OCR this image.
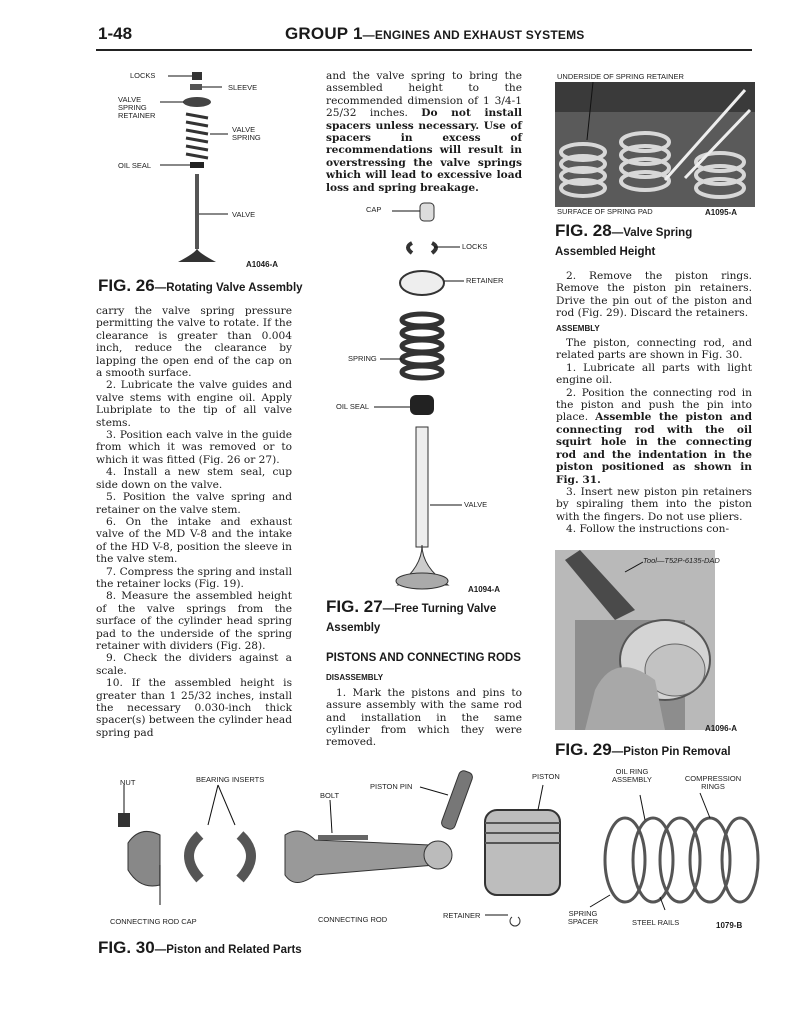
1-48	GROUP 1—ENGINES AND EXHAUST SYSTEMS
LOCKS
SLEEVE
VALVE SPRING RETAINER
VALVE SPRING
OIL SEAL
VALVE
A1046-A
FIG. 26—Rotating Valve Assembly

carry the valve spring pressure permitting the valve to rotate. If the clearance is greater than 0.004 inch, reduce the clearance by lapping the open end of the cap on a smooth surface.

2. Lubricate the valve guides and valve stems with engine oil. Apply Lubriplate to the tip of all valve stems.

3. Position each valve in the guide from which it was removed or to which it was fitted (Fig. 26 or 27).

4. Install a new stem seal, cup side down on the valve.

5. Position the valve spring and retainer on the valve stem.

6. On the intake and exhaust valve of the MD V-8 and the intake of the HD V-8, position the sleeve in the valve stem.

7. Compress the spring and install the retainer locks (Fig. 19).

8. Measure the assembled height of the valve springs from the surface of the cylinder head spring pad to the underside of the spring retainer with dividers (Fig. 28).

9. Check the dividers against a scale.

10. If the assembled height is greater than 1 25/32 inches, install the necessary 0.030-inch thick spacer(s) between the cylinder head spring pad

and the valve spring to bring the assembled height to the recommended dimension of 1 3/4-1 25/32 inches. Do not install spacers unless necessary. Use of spacers in excess of recommendations will result in overstressing the valve springs which will lead to excessive load loss and spring breakage.

CAP
LOCKS
RETAINER
SPRING
OIL SEAL
VALVE
A1094-A
FIG. 27—Free Turning Valve Assembly
PISTONS AND CONNECTING RODS
DISASSEMBLY

1. Mark the pistons and pins to assure assembly with the same rod and installation in the same cylinder from which they were removed.

UNDERSIDE OF SPRING RETAINER
SURFACE OF SPRING PAD	A1095-A
FIG. 28—Valve Spring Assembled Height

2. Remove the piston rings. Remove the piston pin retainers. Drive the pin out of the piston and rod (Fig. 29). Discard the retainers.

ASSEMBLY

The piston, connecting rod, and related parts are shown in Fig. 30.

1. Lubricate all parts with light engine oil.

2. Position the connecting rod in the piston and push the pin into place. Assemble the piston and connecting rod with the oil squirt hole in the connecting rod and the indentation in the piston positioned as shown in Fig. 31.

3. Insert new piston pin retainers by spiraling them into the piston with the fingers. Do not use pliers.

4. Follow the instructions con-

Tool—T52P-6135-DAD
A1096-A
FIG. 29—Piston Pin Removal
NUT	BEARING INSERTS
PISTON PIN
BOLT
PISTON
OIL RING ASSEMBLY	COMPRESSION RINGS
CONNECTING ROD CAP	CONNECTING ROD	RETAINER	SPRING SPACER	STEEL RAILS	1079-B
FIG. 30—Piston and Related Parts
